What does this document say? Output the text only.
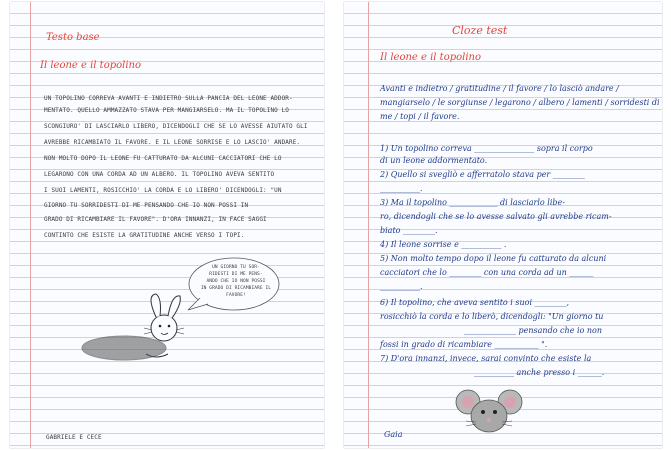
Testo base
Il leone e il topolino
UN TOPOLINO CORREVA AVANTI E INDIETRO SULLA PANCIA DEL LEONE ADDOR-
MENTATO. QUELLO AMMAZZATO STAVA PER MANGIARSELO. MA IL TOPOLINO LO
SCONGIURO' DI LASCIARLO LIBERO, DICENDOGLI CHE SE LO AVESSE AIUTATO GLI
AVREBBE RICAMBIATO IL FAVORE. E IL LEONE SORRISE E LO LASCIO' ANDARE.
NON MOLTO DOPO IL LEONE FU CATTURATO DA ALCUNI CACCIATORI CHE LO
LEGARONO CON UNA CORDA AD UN ALBERO. IL TOPOLINO AVEVA SENTITO
I SUOI LAMENTI, ROSICCHIO' LA CORDA E LO LIBERO' DICENDOGLI: "UN
GIORNO TU SORRIDESTI DI ME PENSANDO CHE IO NON POSSI IN
GRADO DI RICAMBIARE IL FAVORE". D'ORA INNANZI, IN FACE SAGGI
CONTINTO CHE ESISTE LA GRATITUDINE ANCHE VERSO I TOPI.
UN GIORNO TU SOR-
RIDESTI DI ME PENS-
ANDO CHE IO NON POSSI
IN GRADO DI RICAMBIARE IL
FAVORE!
GABRIELE E CECE
Cloze test
Il leone e il topolino
Avanti e indietro / gratitudine / il favore / lo lasciò andare /
mangiarselo / le sorgiunse / legarono / albero / lamenti / sorridesti di
me / topi / il favore.
1) Un topolino correva _______________ sopra il corpo
di un leone addormentato.
2) Quello si svegliò e afferratolo stava per ________
__________.
3) Ma il topolino ____________ di lasciarlo libe-
ro, dicendogli che se lo avesse salvato gli avrebbe ricam-
biato ________.
4) Il leone sorrise e __________ .
5) Non molto tempo dopo il leone fu catturato da alcuni
cacciatori che lo ________ con una corda ad un ______
__________.
6) Il topolino, che aveva sentito i suoi ________,
rosicchiò la corda e lo liberò, dicendogli: "Un giorno tu
_____________ pensando che io non
fossi in grado di ricambiare ___________ ".
7) D'ora innanzi, invece, sarai convinto che esiste la
__________ anche presso i ______.
Gaia
